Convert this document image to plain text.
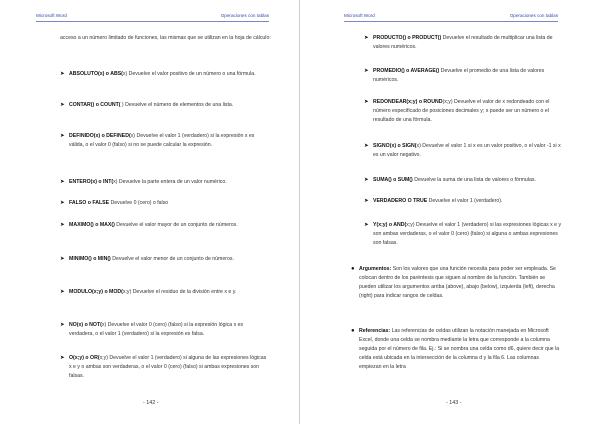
Microsoft Word	Operaciones con tablas
acceso a un número limitado de funciones, las mismas que se utilizan en la hoja de cálculo:
➤ ABSOLUTO(x) o ABS(x) Devuelve el valor positivo de un número o una fórmula.
➤ CONTAR() o COUNT( ) Devuelve el número de elementos de una lista.
➤ DEFINIDO(x) o DEFINED(x) Devuelve el valor 1 (verdadero) si la expresión x es válida, o el valor 0 (falso) si no se puede calcular la expresión.
➤ ENTERO(x) o INT(x) Devuelve la parte entera de un valor numérico.
➤ FALSO o FALSE Devuelve 0 (cero) o falso
➤ MAXIMO() o MAX() Devuelve el valor mayor de un conjunto de números.
➤ MINIMO() o MIN() Devuelve el valor menor de un conjunto de números.
➤ MODULO(x;y) o MOD(x;y) Devuelve el residuo de la división entre x e y.
➤ NO(x) o NOT(x) Devuelve el valor 0 (cero) (falso) si la expresión lógica x es verdadera, o el valor 1 (verdadero) si la expresión es falsa.
➤ O(x;y) o OR(x;y) Devuelve el valor 1 (verdadero) si alguna de las expresiones lógicas x e y o ambas son verdaderas, o el valor 0 (cero) (falso) si ambas expresiones son falsas.
- 142 -
Microsoft Word	Operaciones con tablas
➤ PRODUCTO() o PRODUCT() Devuelve el resultado de multiplicar una lista de valores numéricos.
➤ PROMEDIO() o AVERAGE() Devuelve el promedio de una lista de valores numéricos.
➤ REDONDEAR(x;y) o ROUND(x;y) Devuelve el valor de x redondeado con el número especificado de posiciones decimales y; x puede ser un número o el resultado de una fórmula.
➤ SIGNO(x) o SIGN(x) Devuelve el valor 1 si x es un valor positivo, o el valor -1 si x es un valor negativo.
➤ SUMA() o SUM() Devuelve la suma de una lista de valores o fórmulas.
➤ VERDADERO O TRUE Devuelve el valor 1 (verdadero).
➤ Y(x;y) o AND(x;y) Devuelve el valor 1 (verdadero) si las expresiones lógicas x e y son ambas verdaderas, o el valor 0 (cero) (falso) si alguna o ambas expresiones son falsas.
● Argumentos: Son los valores que una función necesita para poder ser empleada. Se colocan dentro de los paréntesis que siguen al nombre de la función. También se pueden utilizar los argumentos arriba (above), abajo (below), izquierda (left), derecha (right) para indicar rangos de celdas.
● Referencias: Las referencias de celdas utilizan la notación manejada en Microsoft Excel, donde una celda se nombra mediante la letra que corresponde a la columna seguida por el número de fila. Ej.: Si se nombra una celda como d6, quiere decir que la celda está ubicada en la intersección de la columna d y la fila 6. Las columnas empiezan en la letra
- 143 -
